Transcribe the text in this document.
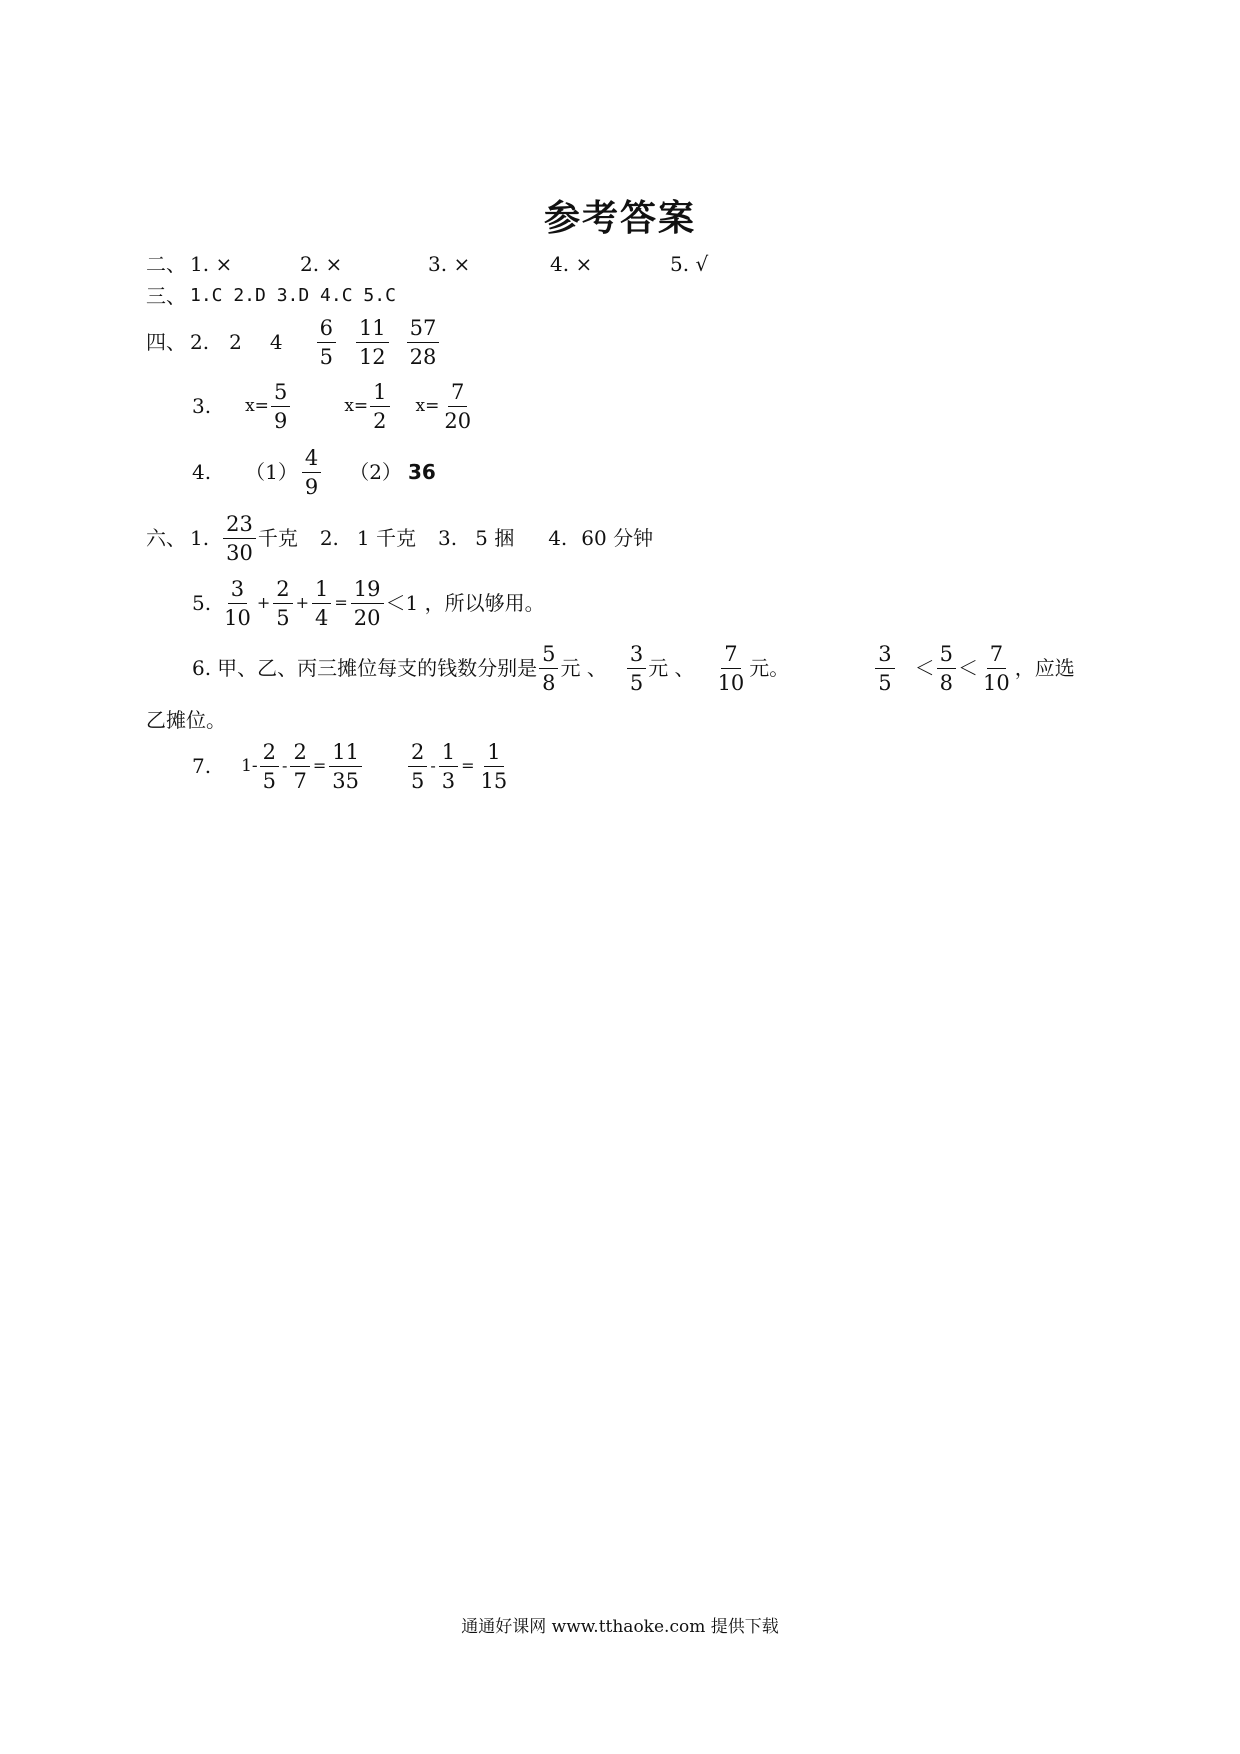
参考答案
二、 1. ×	2. ×	3. ×	4. ×	5. √
三、 1.C 2.D 3.D 4.C 5.C
四、 2. 2 $4 \frac{6}{5} \frac{11}{12} \frac{57}{28}$
3. $x= \frac{5}{9}$	$x= \frac{1}{2} x= \frac{7}{20}$
4. $(1) \frac{4}{9} (2)$ 36
六、 1. $\frac{23}{30}$ 千克 2. 1 千克 3. 5 捆 4. 60 分钟
5. $\frac{3}{10} + \frac{2}{5} + \frac{1}{4} = \frac{19}{20} <1$ ，所以够用。
6. 甲、乙、丙三摊位每支的钱数分别是 $\frac{5}{8}$ 元 、 $\frac{3}{5}$ 元 、 $\frac{7}{10}$ 元。	$\frac{3}{5} < \frac{5}{8} < \frac{7}{10}$ ，应选
乙摊位。
7. $1- \frac{2}{5} - \frac{2}{7} = \frac{11}{35} \frac{2}{5} - \frac{1}{3} = \frac{1}{15}$
通通好课网 www.tthaoke.com 提供下载
